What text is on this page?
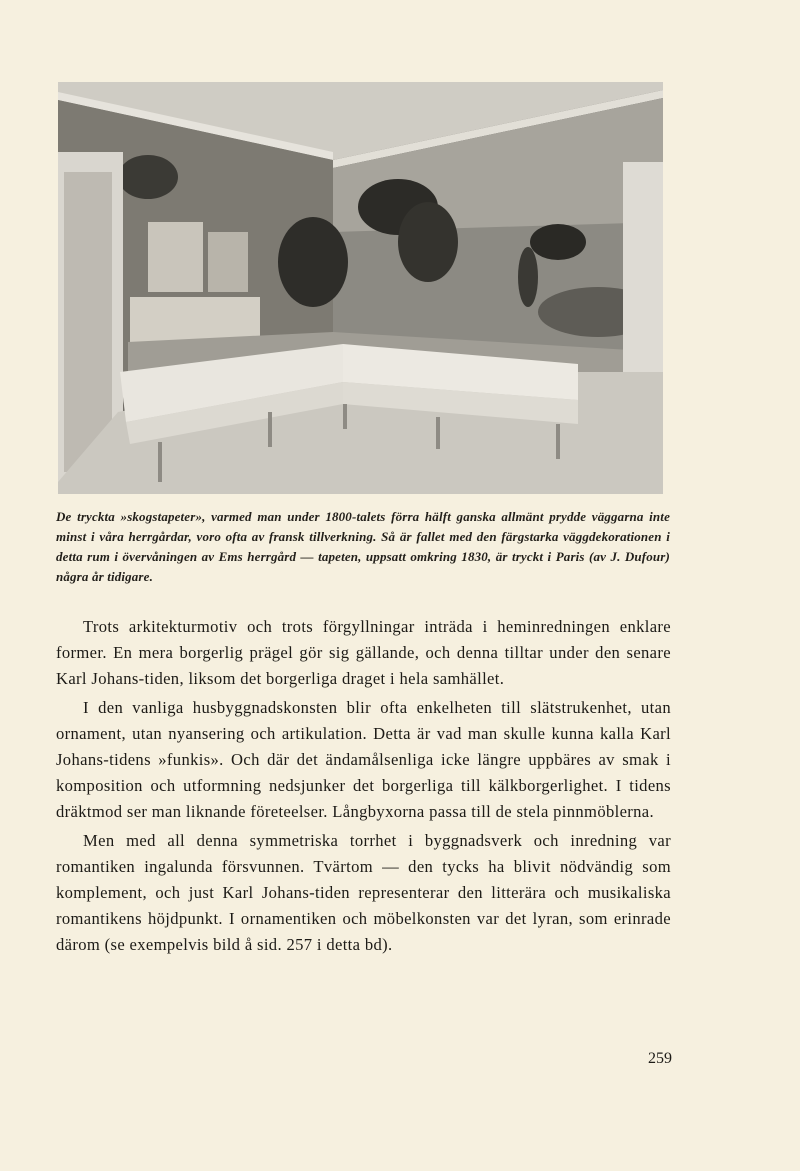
De tryckta »skogstapeter», varmed man under 1800-talets förra hälft ganska allmänt prydde väggarna inte minst i våra herrgårdar, voro ofta av fransk tillverkning. Så är fallet med den färgstarka väggdekorationen i detta rum i övervåningen av Ems herrgård — tapeten, uppsatt omkring 1830, är tryckt i Paris (av J. Dufour) några år tidigare.

Trots arkitekturmotiv och trots förgyllningar inträda i heminredningen enklare former. En mera borgerlig prägel gör sig gällande, och denna tilltar under den senare Karl Johans-tiden, liksom det borgerliga draget i hela samhället.

I den vanliga husbyggnadskonsten blir ofta enkelheten till slätstrukenhet, utan ornament, utan nyansering och artikulation. Detta är vad man skulle kunna kalla Karl Johans-tidens »funkis». Och där det ändamålsenliga icke längre uppbäres av smak i komposition och utformning nedsjunker det borgerliga till kälkborgerlighet. I tidens dräktmod ser man liknande företeelser. Långbyxorna passa till de stela pinnmöblerna.

Men med all denna symmetriska torrhet i byggnadsverk och inredning var romantiken ingalunda försvunnen. Tvärtom — den tycks ha blivit nödvändig som komplement, och just Karl Johans-tiden representerar den litterära och musikaliska romantikens höjdpunkt. I ornamentiken och möbelkonsten var det lyran, som erinrade därom (se exempelvis bild å sid. 257 i detta bd).

259
